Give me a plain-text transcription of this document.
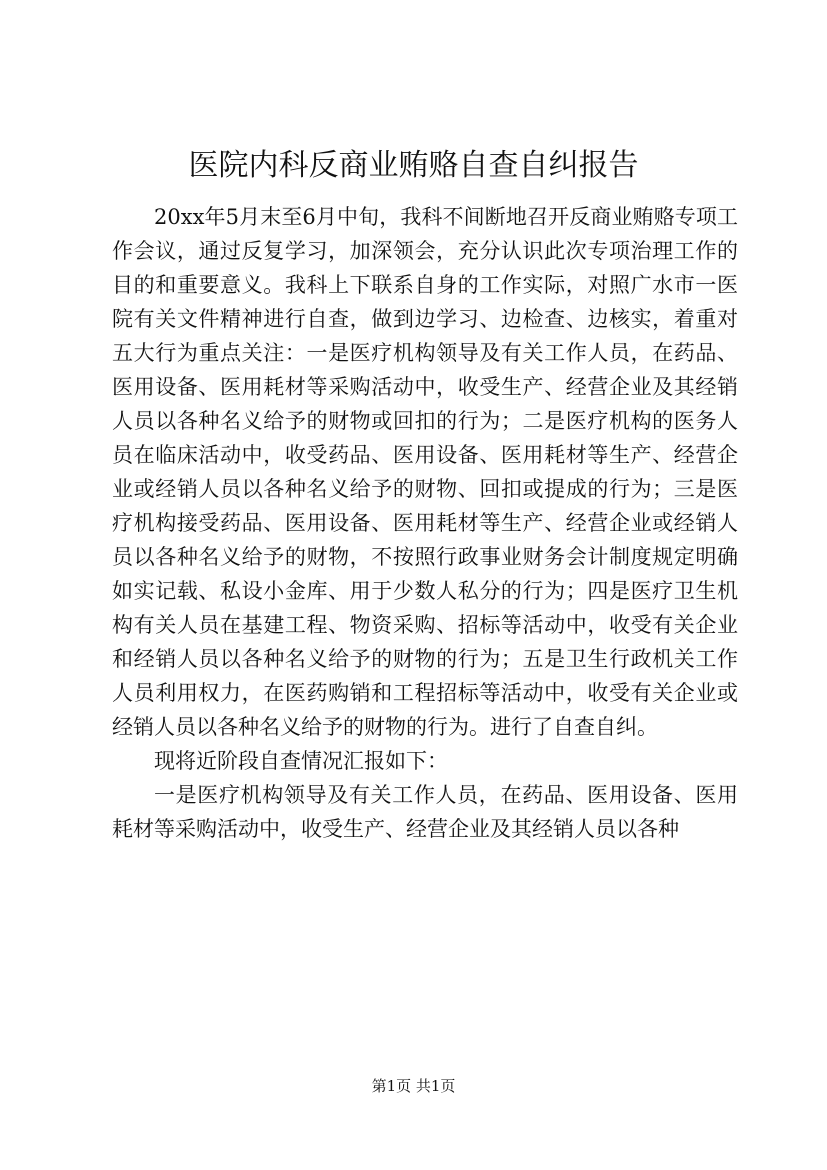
医院内科反商业贿赂自查自纠报告

20xx年5月末至6月中旬，我科不间断地召开反商业贿赂专项工作会议，通过反复学习，加深领会，充分认识此次专项治理工作的目的和重要意义。我科上下联系自身的工作实际，对照广水市一医院有关文件精神进行自查，做到边学习、边检查、边核实，着重对五大行为重点关注：一是医疗机构领导及有关工作人员，在药品、医用设备、医用耗材等采购活动中，收受生产、经营企业及其经销人员以各种名义给予的财物或回扣的行为；二是医疗机构的医务人员在临床活动中，收受药品、医用设备、医用耗材等生产、经营企业或经销人员以各种名义给予的财物、回扣或提成的行为；三是医疗机构接受药品、医用设备、医用耗材等生产、经营企业或经销人员以各种名义给予的财物，不按照行政事业财务会计制度规定明确如实记载、私设小金库、用于少数人私分的行为；四是医疗卫生机构有关人员在基建工程、物资采购、招标等活动中，收受有关企业和经销人员以各种名义给予的财物的行为；五是卫生行政机关工作人员利用权力，在医药购销和工程招标等活动中，收受有关企业或经销人员以各种名义给予的财物的行为。进行了自查自纠。

现将近阶段自查情况汇报如下：

一是医疗机构领导及有关工作人员，在药品、医用设备、医用耗材等采购活动中，收受生产、经营企业及其经销人员以各种

第1页 共1页
